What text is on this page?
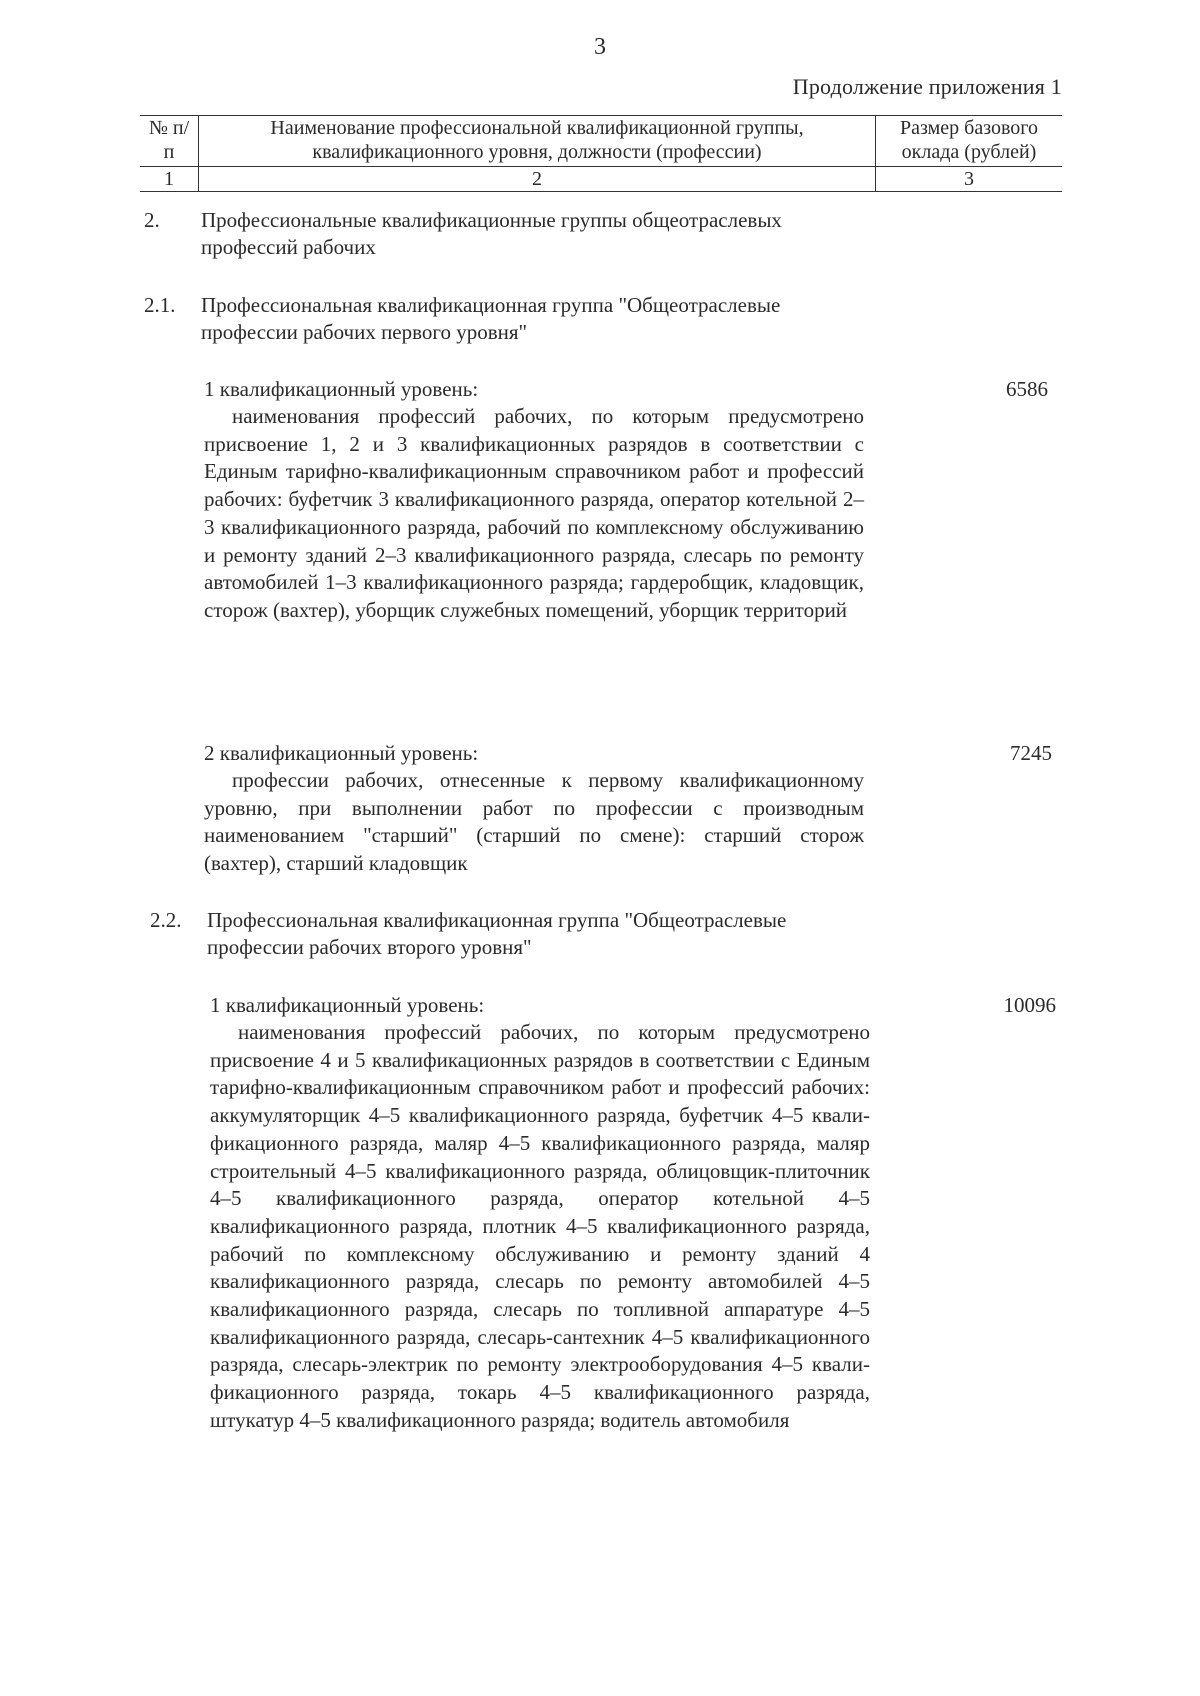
3
Продолжение приложения 1
№ п/п	Наименование профессиональной квалификационной группы, квалификационного уровня, должности (профессии)	Размер базового оклада (рублей)
1	2	3
2. Профессиональные квалификационные группы общеотраслевых профессий рабочих
2.1. Профессиональная квалификационная группа "Общеотраслевые профессии рабочих первого уровня"
1 квалификационный уровень:	6586
наименования профессий рабочих, по которым предусмотрено присвоение 1, 2 и 3 квалификационных разрядов в соответствии с Единым тарифно-квалификационным справочником работ и профессий рабочих: буфетчик 3 квалификационного разряда, оператор котельной 2–3 квалификационного разряда, рабочий по комплексному обслуживанию и ремонту зданий 2–3 квалификационного разряда, слесарь по ремонту автомобилей 1–3 квалификационного разряда; гардеробщик, кладовщик, сторож (вахтер), уборщик служебных помещений, уборщик территорий
2 квалификационный уровень:	7245
профессии рабочих, отнесенные к первому квалификационному уровню, при выполнении работ по профессии с производным наименованием "старший" (старший по смене): старший сторож (вахтер), старший кладовщик
2.2. Профессиональная квалификационная группа "Общеотраслевые профессии рабочих второго уровня"
1 квалификационный уровень:	10096
наименования профессий рабочих, по которым предусмотрено присвоение 4 и 5 квалификационных разрядов в соответствии с Единым тарифно-квалификационным справочником работ и профессий рабочих: аккумуляторщик 4–5 квалификационного разряда, буфетчик 4–5 квалификационного разряда, маляр 4–5 квалификационного разряда, маляр строительный 4–5 квалификационного разряда, облицовщик-плиточник 4–5 квалификационного разряда, оператор котельной 4–5 квалификационного разряда, плотник 4–5 квалификационного разряда, рабочий по комплексному обслуживанию и ремонту зданий 4 квалификационного разряда, слесарь по ремонту автомобилей 4–5 квалификационного разряда, слесарь по топливной аппаратуре 4–5 квалификационного разряда, слесарь-сантехник 4–5 квалификационного разряда, слесарь-электрик по ремонту электрооборудования 4–5 квалификационного разряда, токарь 4–5 квалификационного разряда, штукатур 4–5 квалификационного разряда; водитель автомобиля
